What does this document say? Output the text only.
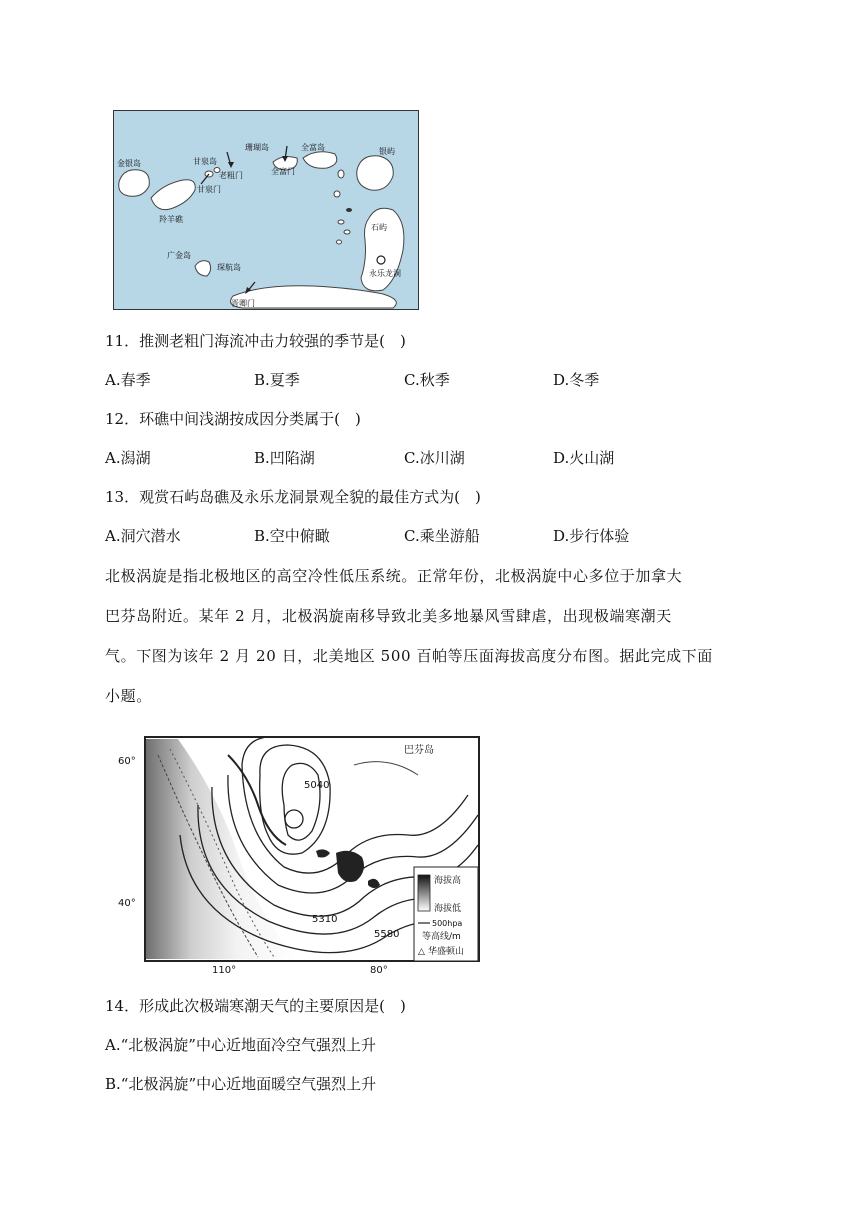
金银岛	甘泉岛
甘泉门
老粗门
珊瑚岛	全富岛
全富门
银屿
羚羊礁
石屿
广金岛
琛航岛
永乐龙洞
晋卿门
11．推测老粗门海流冲击力较强的季节是(　)
A.春季	B.夏季	C.秋季	D.冬季
12．环礁中间浅湖按成因分类属于(　)
A.潟湖	B.凹陷湖	C.冰川湖	D.火山湖
13．观赏石屿岛礁及永乐龙洞景观全貌的最佳方式为(　)
A.洞穴潜水	B.空中俯瞰	C.乘坐游船	D.步行体验
北极涡旋是指北极地区的高空冷性低压系统。正常年份，北极涡旋中心多位于加拿大
巴芬岛附近。某年 2 月，北极涡旋南移导致北美多地暴风雪肆虐，出现极端寒潮天
气。下图为该年 2 月 20 日，北美地区 500 百帕等压面海拔高度分布图。据此完成下面
小题。
60°
40°
110°	80°
巴芬岛
5040
5310
5580
海拔高
海拔低
500hpa
等高线/m
△ 华盛顿山
14．形成此次极端寒潮天气的主要原因是(　)
A.“北极涡旋”中心近地面冷空气强烈上升
B.“北极涡旋”中心近地面暖空气强烈上升
